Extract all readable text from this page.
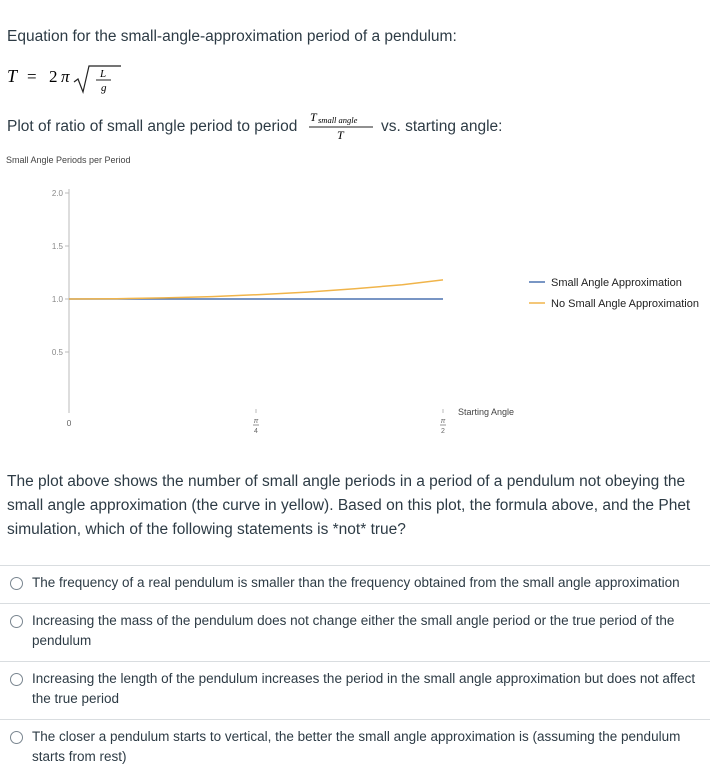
Equation for the small-angle-approximation period of a pendulum:
T = 2 π	L
g
Plot of ratio of small angle period to period
T small angle
T vs. starting angle:
Small Angle Periods per Period
2.0
1.5
1.0
0.5
0	π
4
π
2
Starting Angle
Small Angle Approximation
No Small Angle Approximation
The plot above shows the number of small angle periods in a period of a pendulum not obeying the small angle approximation (the curve in yellow). Based on this plot, the formula above, and the Phet simulation, which of the following statements is *not* true?
The frequency of a real pendulum is smaller than the frequency obtained from the small angle approximation
Increasing the mass of the pendulum does not change either the small angle period or the true period of the pendulum
Increasing the length of the pendulum increases the period in the small angle approximation but does not affect the true period
The closer a pendulum starts to vertical, the better the small angle approximation is (assuming the pendulum starts from rest)
